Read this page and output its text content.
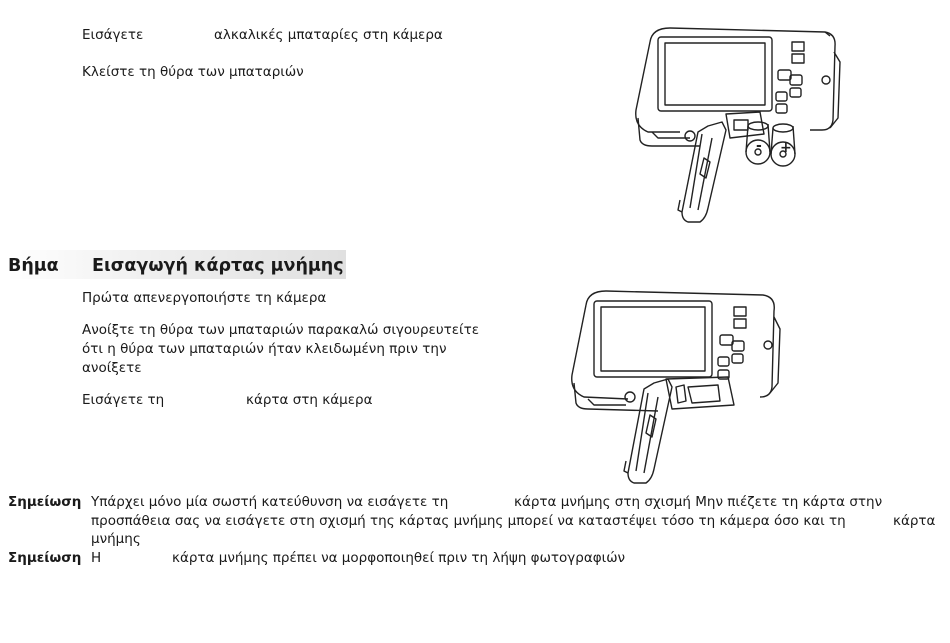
Εισάγετε	αλκαλικές μπαταρίες στη κάμερα
Κλείστε τη θύρα των μπαταριών
- +
Βήμα Εισαγωγή κάρτας μνήμης
Πρώτα απενεργοποιήστε τη κάμερα
Ανοίξτε τη θύρα των μπαταριών παρακαλώ σιγουρευτείτε
ότι η θύρα των μπαταριών ήταν κλειδωμένη πριν την
ανοίξετε
Εισάγετε τη	κάρτα στη κάμερα
Σημείωση Υπάρχει μόνο μία σωστή κατεύθυνση να εισάγετε τη	κάρτα μνήμης στη σχισμή Μην πιέζετε τη κάρτα στην
προσπάθεια σας να εισάγετε στη σχισμή της κάρτας μνήμης μπορεί να καταστέψει τόσο τη κάμερα όσο και τη	κάρτα
μνήμης
Σημείωση Η	κάρτα μνήμης πρέπει να μορφοποιηθεί πριν τη λήψη φωτογραφιών
